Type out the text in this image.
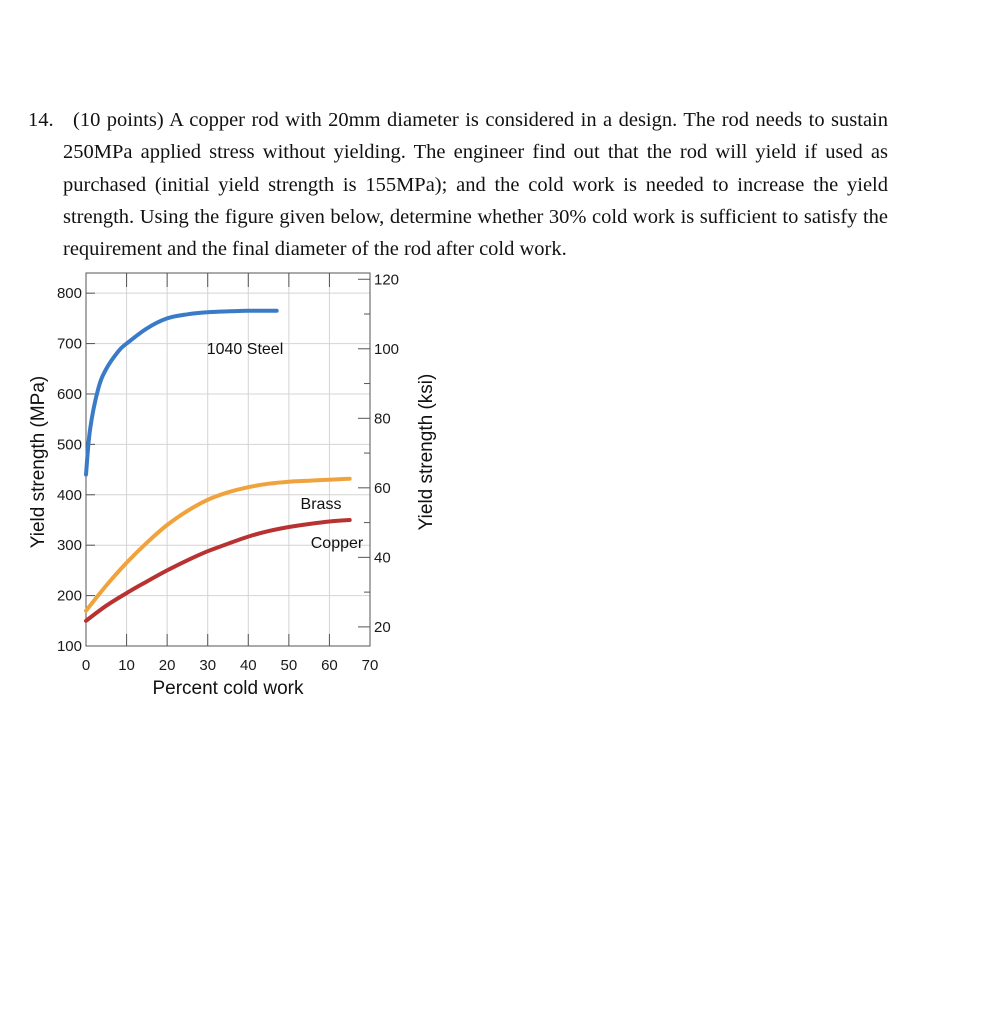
14. (10 points) A copper rod with 20mm diameter is considered in a design. The rod needs to sustain 250MPa applied stress without yielding. The engineer find out that the rod will yield if used as purchased (initial yield strength is 155MPa); and the cold work is needed to increase the yield strength. Using the figure given below, determine whether 30% cold work is sufficient to satisfy the requirement and the final diameter of the rod after cold work.
100
200
300
400
500
600
700
800
20
40
60
80
100
120
0 10 20 30 40 50 60 70
Percent cold work
Yield strength (MPa)	Yield strength (ksi)
1040 Steel
Brass
Copper
